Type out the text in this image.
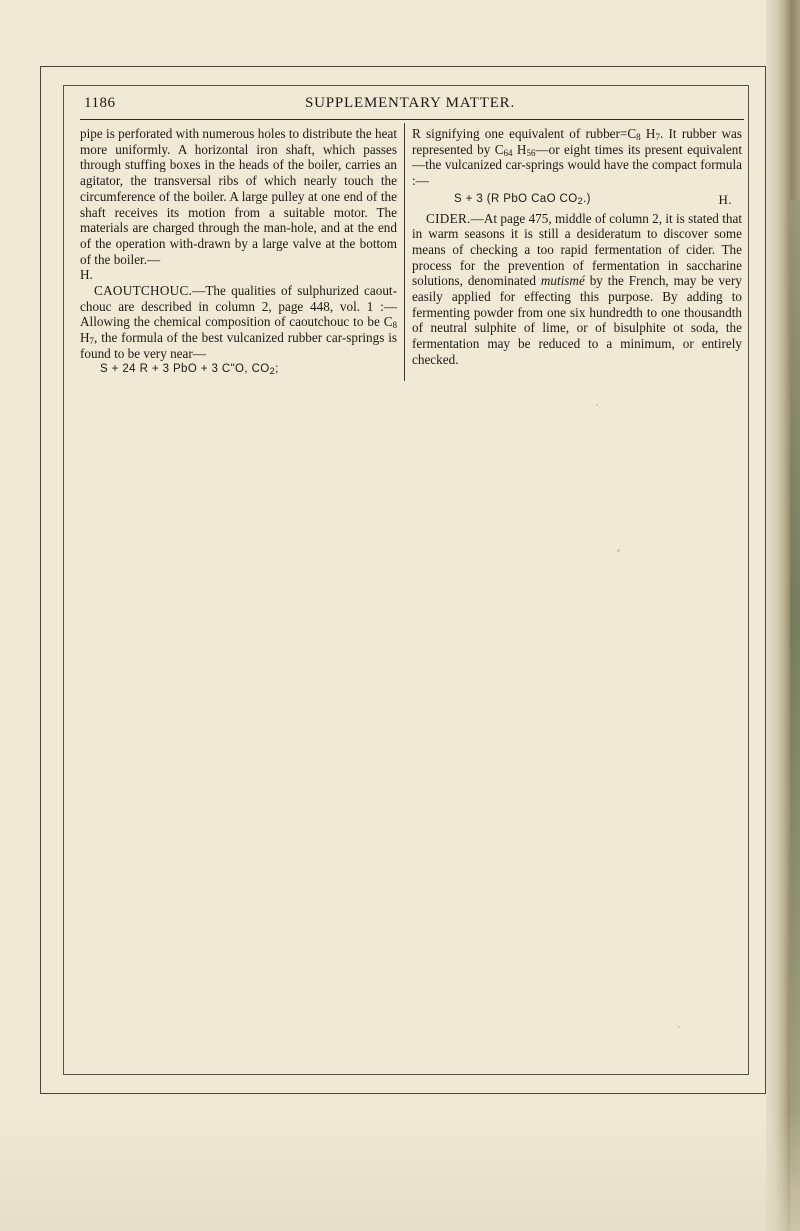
1186	SUPPLEMENTARY MATTER.

pipe is perforated with numerous holes to distribute the heat more uniformly. A horizontal iron shaft, which passes through stuffing boxes in the heads of the boiler, carries an agitator, the transversal ribs of which nearly touch the circumference of the boiler. A large pulley at one end of the shaft receives its motion from a suitable motor. The materials are charged through the man-hole, and at the end of the operation with-drawn by a large valve at the bottom of the boiler.—
H.

CAOUTCHOUC.—The qualities of sulphurized caout-chouc are described in column 2, page 448, vol. 1 :— Allowing the chemical composition of caoutchouc to be $C_8$ $H_7$, the formula of the best vulcanized rubber car-springs is found to be very near—

S + 24 R + 3 PbO + 3 C"O, $CO_2$;

R signifying one equivalent of $rubber=C_8$ $H_7$. It rubber was represented by $C_{64}$ $H_{56}—or$ eight times its present equivalent—the vulcanized car-springs would have the compact formula :—

S + 3 (R PbO CaO $CO_2$.)	H.

CIDER.—At page 475, middle of column 2, it is stated that in warm seasons it is still a desideratum to discover some means of checking a too rapid fermentation of cider. The process for the prevention of fermentation in saccharine solutions, denominated mutismé by the French, may be very easily applied for effecting this purpose. By adding to fermenting powder from one six hundredth to one thousandth of neutral sulphite of lime, or of bisulphite ot soda, the fermentation may be reduced to a minimum, or entirely checked.
